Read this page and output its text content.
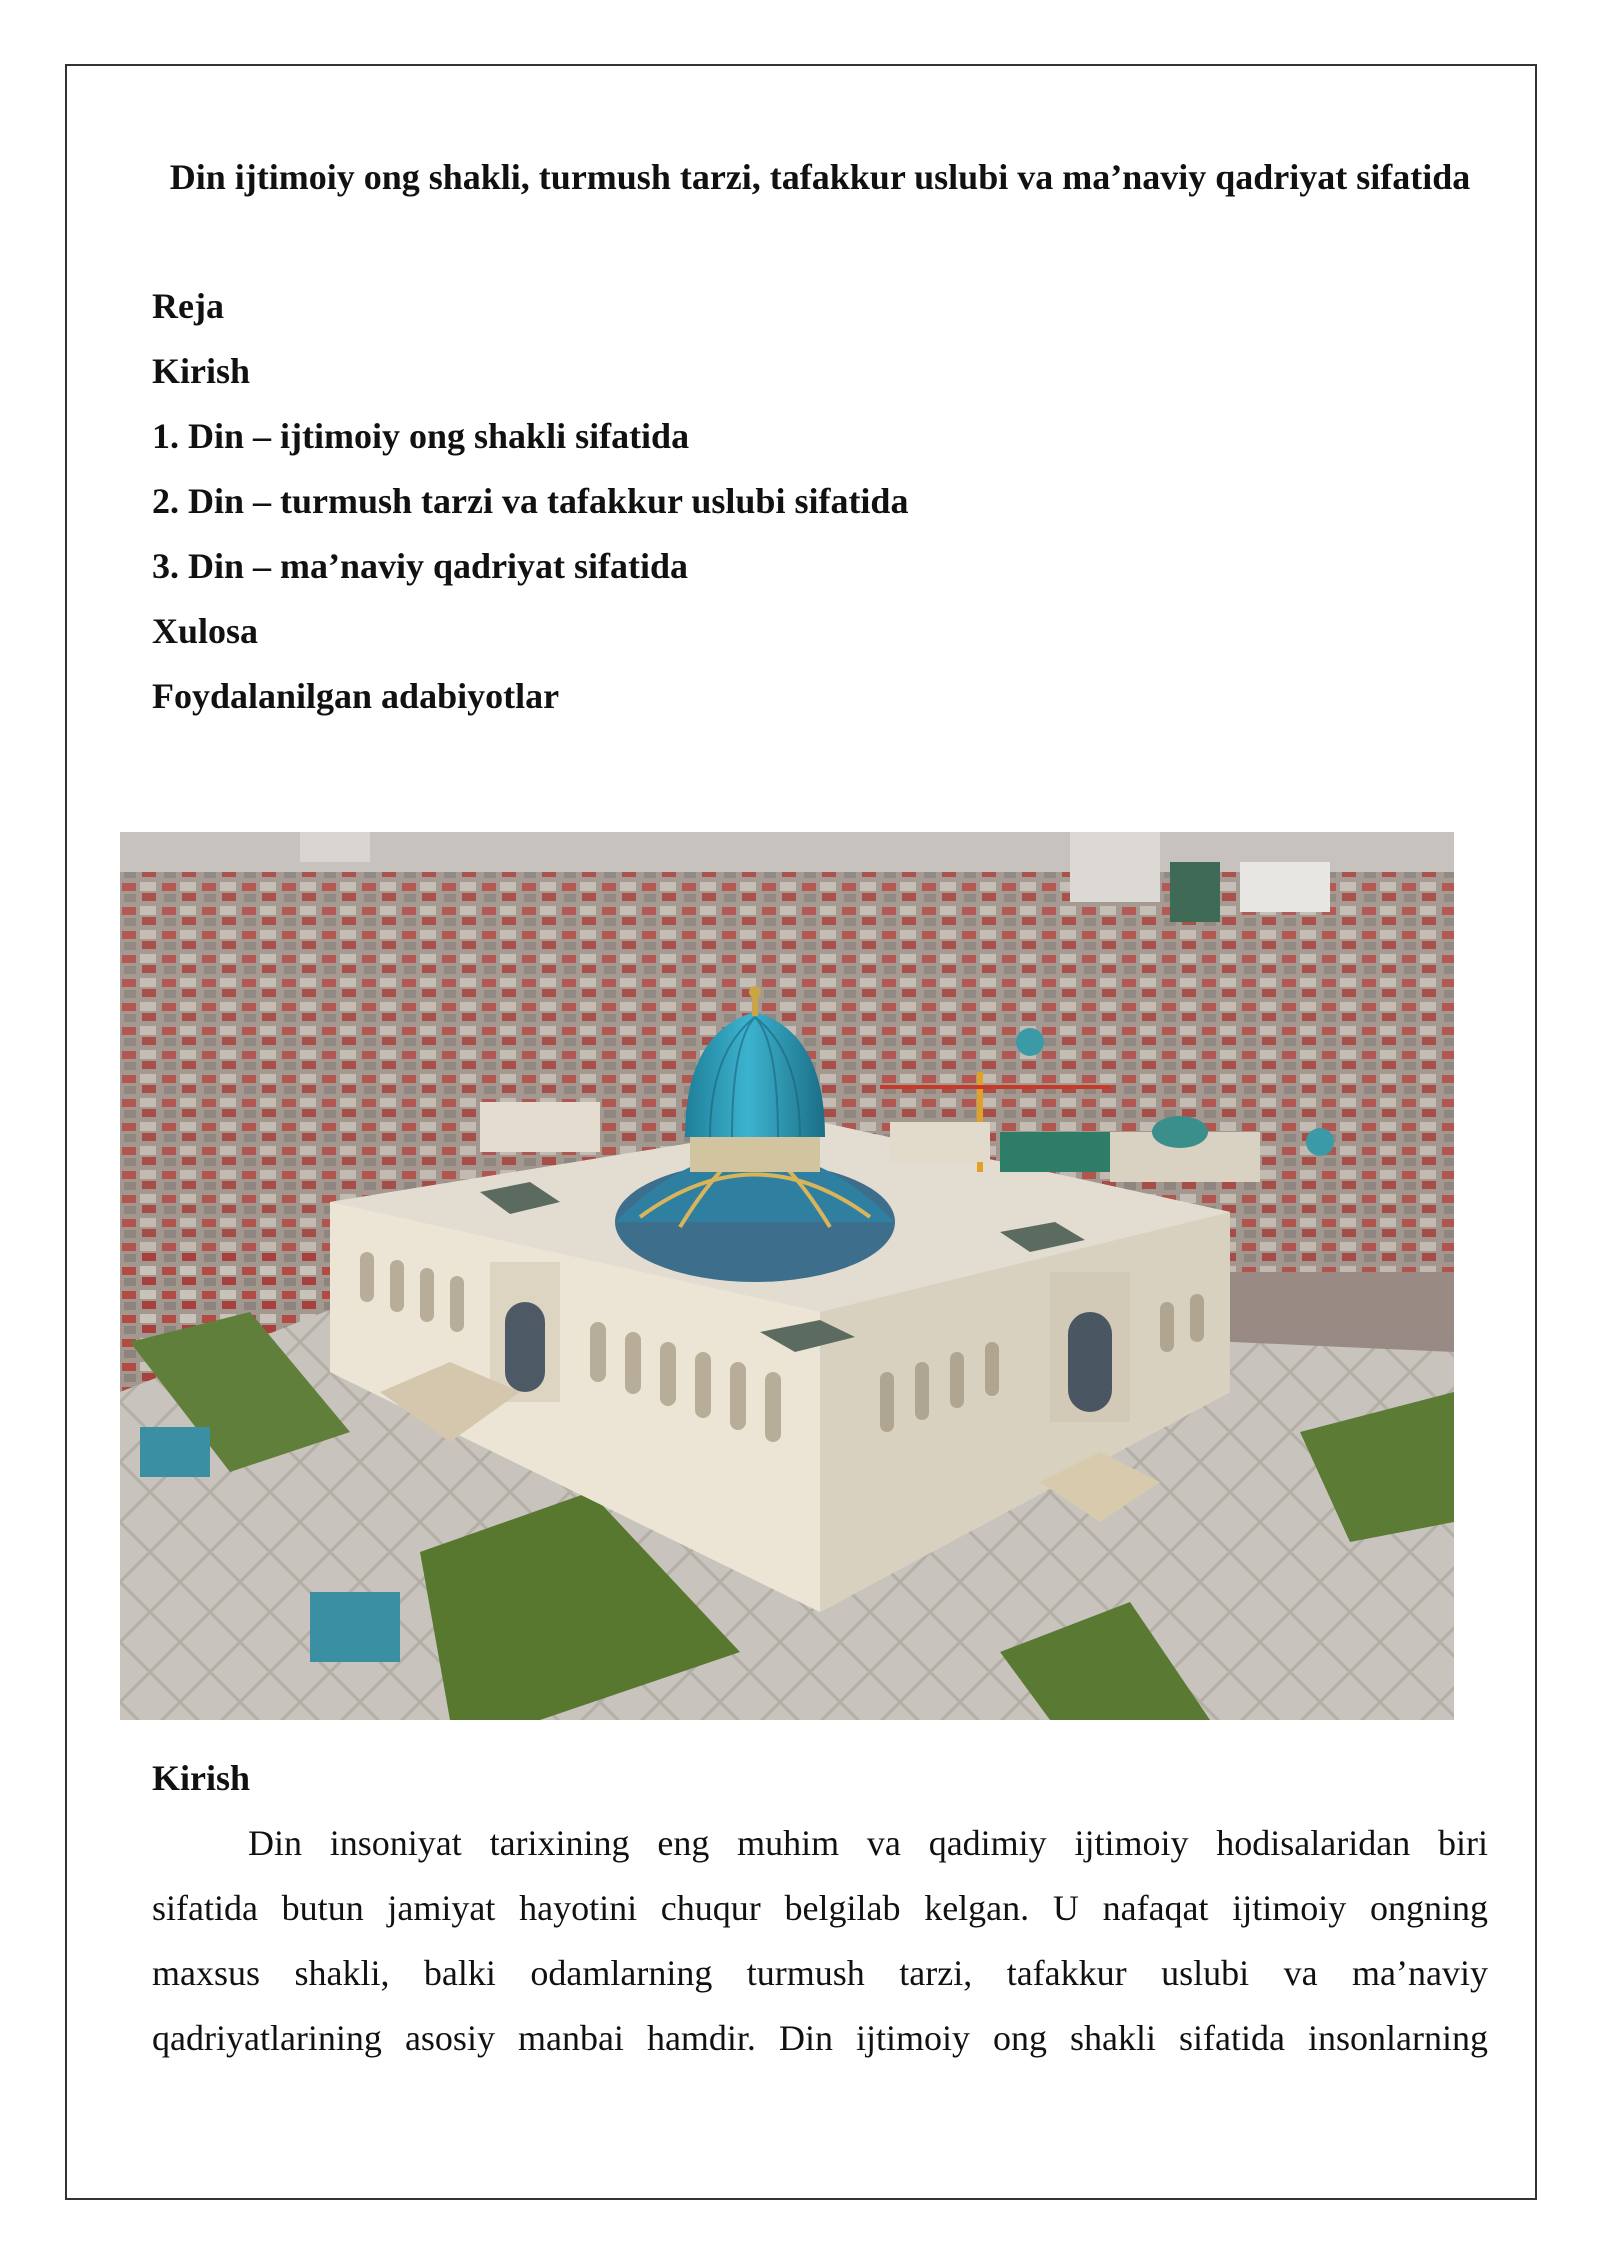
Din ijtimoiy ong shakli, turmush tarzi, tafakkur uslubi va ma’naviy qadriyat sifatida
Reja
Kirish
1. Din – ijtimoiy ong shakli sifatida
2. Din – turmush tarzi va tafakkur uslubi sifatida
3. Din – ma’naviy qadriyat sifatida
Xulosa
Foydalanilgan adabiyotlar
Kirish
Din insoniyat tarixining eng muhim va qadimiy ijtimoiy hodisalaridan biri
sifatida butun jamiyat hayotini chuqur belgilab kelgan. U nafaqat ijtimoiy ongning
maxsus shakli, balki odamlarning turmush tarzi, tafakkur uslubi va ma’naviy
qadriyatlarining asosiy manbai hamdir. Din ijtimoiy ong shakli sifatida insonlarning
